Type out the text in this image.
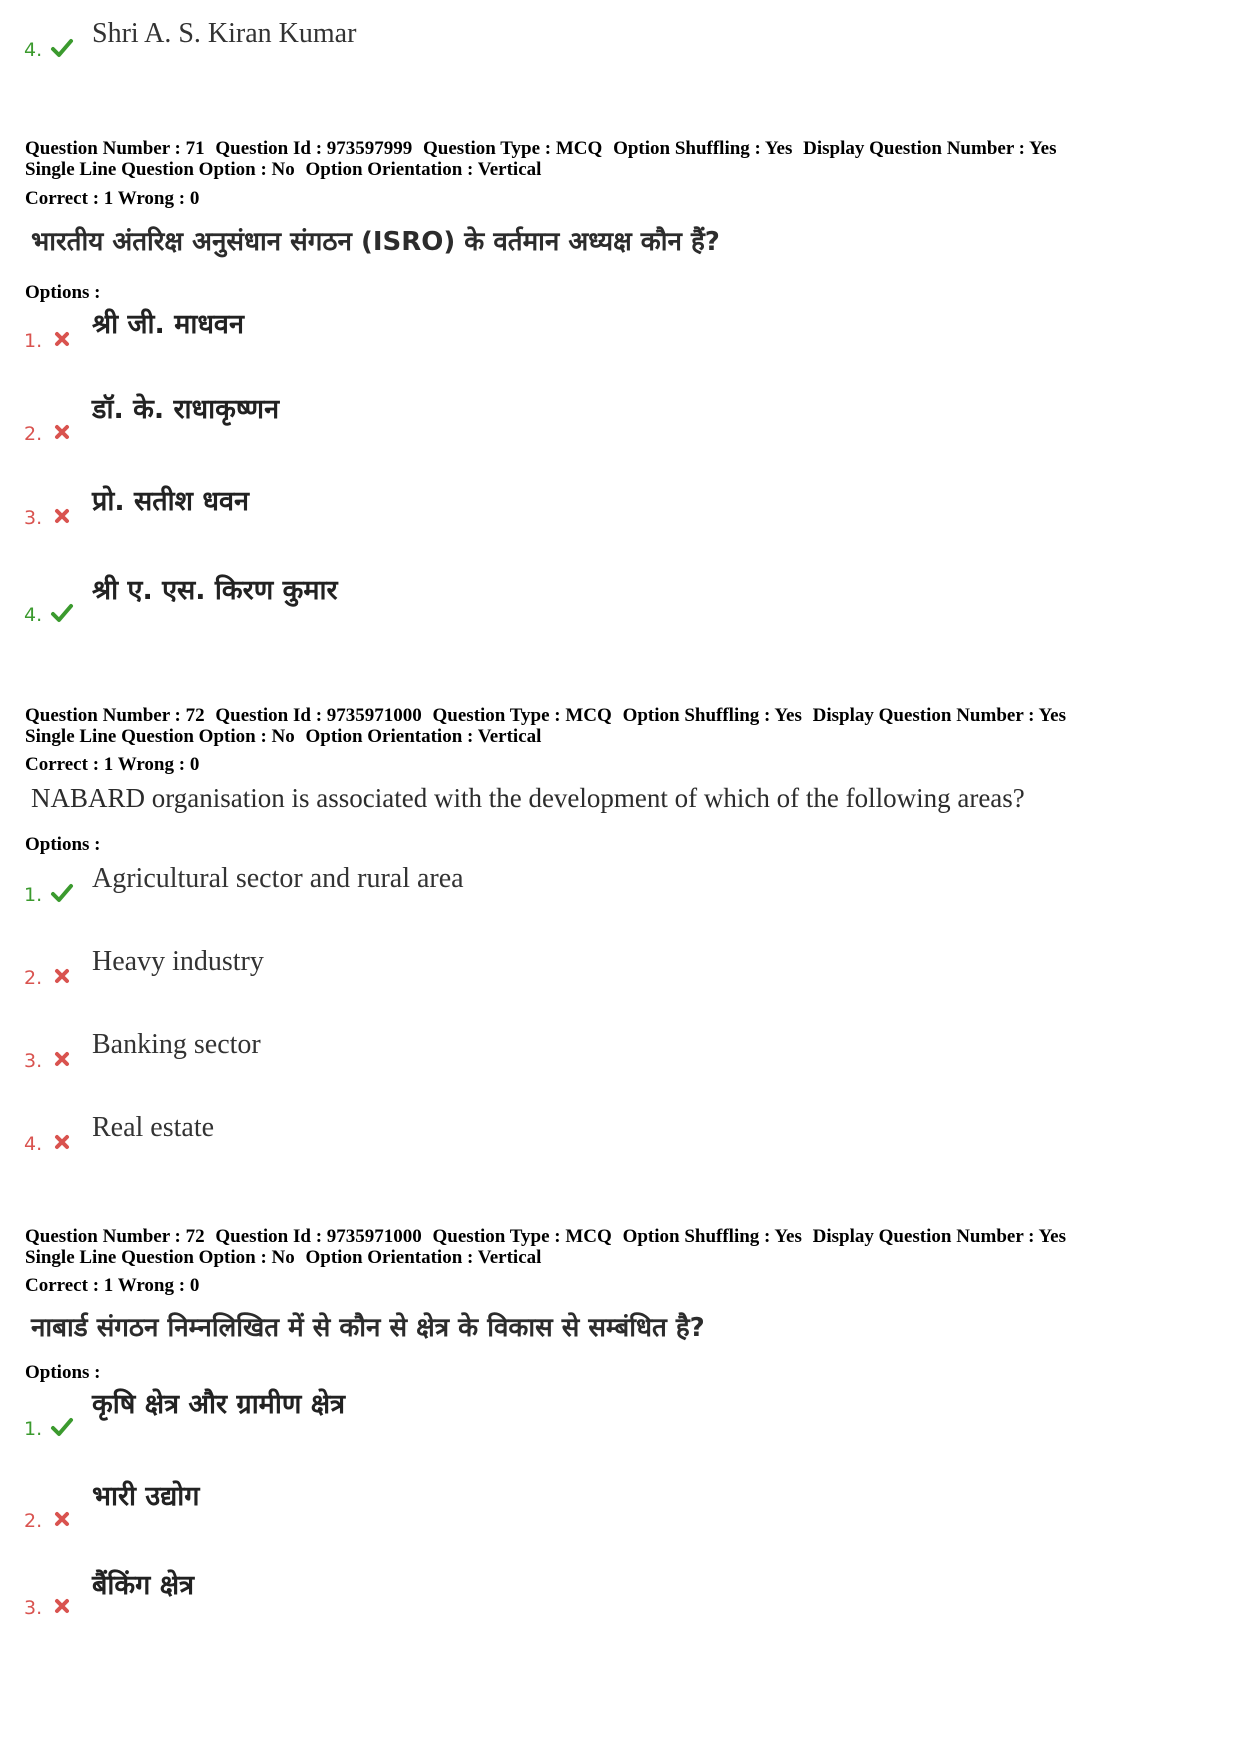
4.
Shri A. S. Kiran Kumar
Question Number : 71 Question Id : 973597999 Question Type : MCQ Option Shuffling : Yes Display Question Number : Yes
Single Line Question Option : No Option Orientation : Vertical
Correct : 1 Wrong : 0
भारतीय अंतरिक्ष अनुसंधान संगठन (ISRO) के वर्तमान अध्यक्ष कौन हैं?
Options :
1.
श्री जी. माधवन
2.
डॉ. के. राधाकृष्णन
3.
प्रो. सतीश धवन
4.
श्री ए. एस. किरण कुमार
Question Number : 72 Question Id : 9735971000 Question Type : MCQ Option Shuffling : Yes Display Question Number : Yes
Single Line Question Option : No Option Orientation : Vertical
Correct : 1 Wrong : 0
NABARD organisation is associated with the development of which of the following areas?
Options :
1.
Agricultural sector and rural area
2.
Heavy industry
3.
Banking sector
4.
Real estate
Question Number : 72 Question Id : 9735971000 Question Type : MCQ Option Shuffling : Yes Display Question Number : Yes
Single Line Question Option : No Option Orientation : Vertical
Correct : 1 Wrong : 0
नाबार्ड संगठन निम्नलिखित में से कौन से क्षेत्र के विकास से सम्बंधित है?
Options :
1.
कृषि क्षेत्र और ग्रामीण क्षेत्र
2.
भारी उद्योग
3.
बैंकिंग क्षेत्र
